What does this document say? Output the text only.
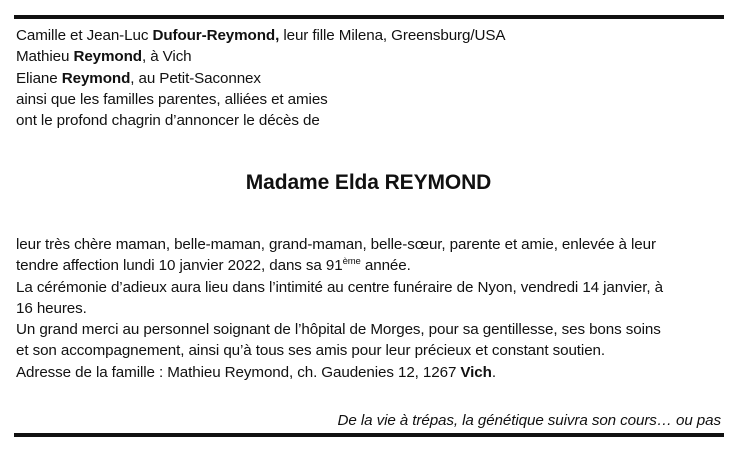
Camille et Jean-Luc Dufour-Reymond, leur fille Milena, Greensburg/USA
Mathieu Reymond, à Vich
Eliane Reymond, au Petit-Saconnex
ainsi que les familles parentes, alliées et amies
ont le profond chagrin d’annoncer le décès de
Madame Elda REYMOND
leur très chère maman, belle-maman, grand-maman, belle-sœur, parente et amie, enlevée à leur
tendre affection lundi 10 janvier 2022, dans sa 91ème année.
La cérémonie d’adieux aura lieu dans l’intimité au centre funéraire de Nyon, vendredi 14 janvier, à
16 heures.
Un grand merci au personnel soignant de l’hôpital de Morges, pour sa gentillesse, ses bons soins
et son accompagnement, ainsi qu’à tous ses amis pour leur précieux et constant soutien.
Adresse de la famille : Mathieu Reymond, ch. Gaudenies 12, 1267 Vich.
De la vie à trépas, la génétique suivra son cours… ou pas
